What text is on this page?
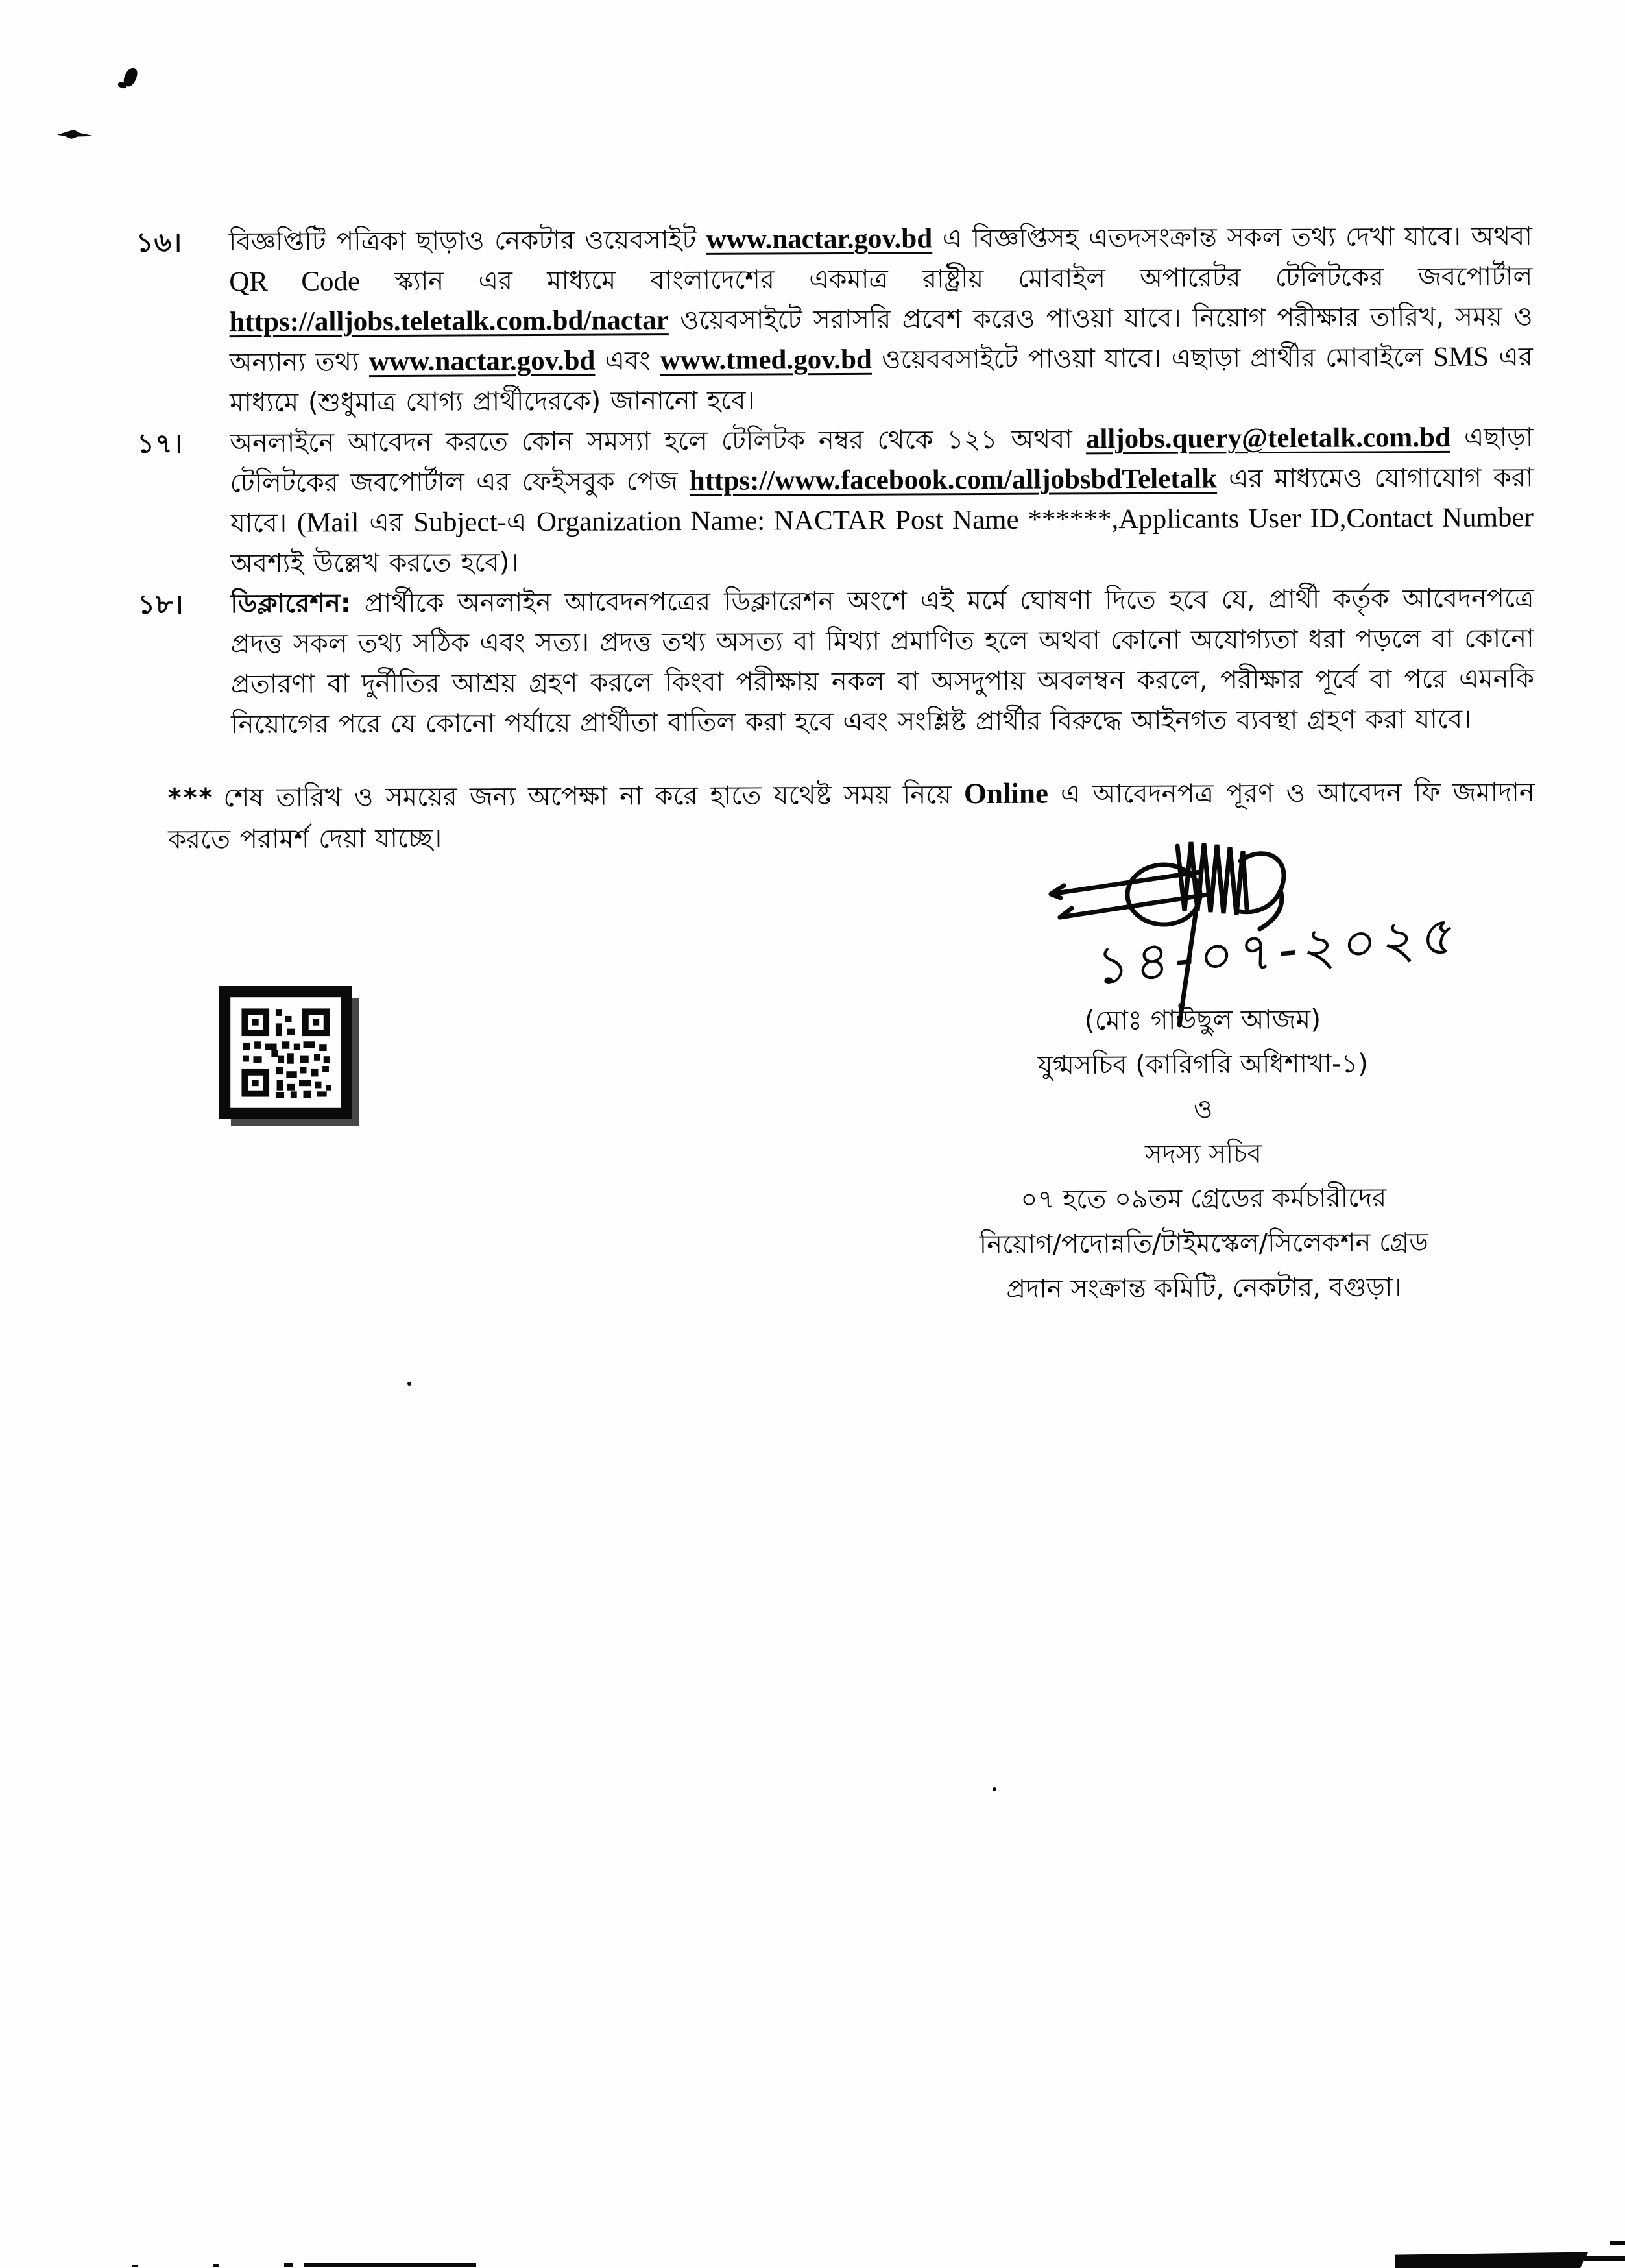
১৬।	বিজ্ঞপ্তিটি পত্রিকা ছাড়াও নেকটার ওয়েবসাইট www.nactar.gov.bd এ বিজ্ঞপ্তিসহ এতদসংক্রান্ত সকল তথ্য দেখা যাবে। অথবা QR Code স্ক্যান এর মাধ্যমে বাংলাদেশের একমাত্র রাষ্ট্রীয় মোবাইল অপারেটর টেলিটকের জবপোর্টাল https://alljobs.teletalk.com.bd/nactar ওয়েবসাইটে সরাসরি প্রবেশ করেও পাওয়া যাবে। নিয়োগ পরীক্ষার তারিখ, সময় ও অন্যান্য তথ্য www.nactar.gov.bd এবং www.tmed.gov.bd ওয়েববসাইটে পাওয়া যাবে। এছাড়া প্রার্থীর মোবাইলে SMS এর মাধ্যমে (শুধুমাত্র যোগ্য প্রার্থীদেরকে) জানানো হবে।
১৭।	অনলাইনে আবেদন করতে কোন সমস্যা হলে টেলিটক নম্বর থেকে ১২১ অথবা alljobs.query@teletalk.com.bd এছাড়া টেলিটকের জবপোর্টাল এর ফেইসবুক পেজ https://www.facebook.com/alljobsbdTeletalk এর মাধ্যমেও যোগাযোগ করা যাবে। (Mail এর Subject-এ Organization Name: NACTAR Post Name ******,Applicants User ID,Contact Number অবশ্যই উল্লেখ করতে হবে)।
১৮।	ডিক্লারেশন: প্রার্থীকে অনলাইন আবেদনপত্রের ডিক্লারেশন অংশে এই মর্মে ঘোষণা দিতে হবে যে, প্রার্থী কর্তৃক আবেদনপত্রে প্রদত্ত সকল তথ্য সঠিক এবং সত্য। প্রদত্ত তথ্য অসত্য বা মিথ্যা প্রমাণিত হলে অথবা কোনো অযোগ্যতা ধরা পড়লে বা কোনো প্রতারণা বা দুর্নীতির আশ্রয় গ্রহণ করলে কিংবা পরীক্ষায় নকল বা অসদুপায় অবলম্বন করলে, পরীক্ষার পূর্বে বা পরে এমনকি নিয়োগের পরে যে কোনো পর্যায়ে প্রার্থীতা বাতিল করা হবে এবং সংশ্লিষ্ট প্রার্থীর বিরুদ্ধে আইনগত ব্যবস্থা গ্রহণ করা যাবে।
*** শেষ তারিখ ও সময়ের জন্য অপেক্ষা না করে হাতে যথেষ্ট সময় নিয়ে Online এ আবেদনপত্র পূরণ ও আবেদন ফি জমাদান করতে পরামর্শ দেয়া যাচ্ছে।
১৪-০৭-২০২৫
(মোঃ গাউছুল আজম)
যুগ্মসচিব (কারিগরি অধিশাখা-১)
ও
সদস্য সচিব
০৭ হতে ০৯তম গ্রেডের কর্মচারীদের
নিয়োগ/পদোন্নতি/টাইমস্কেল/সিলেকশন গ্রেড
প্রদান সংক্রান্ত কমিটি, নেকটার, বগুড়া।
